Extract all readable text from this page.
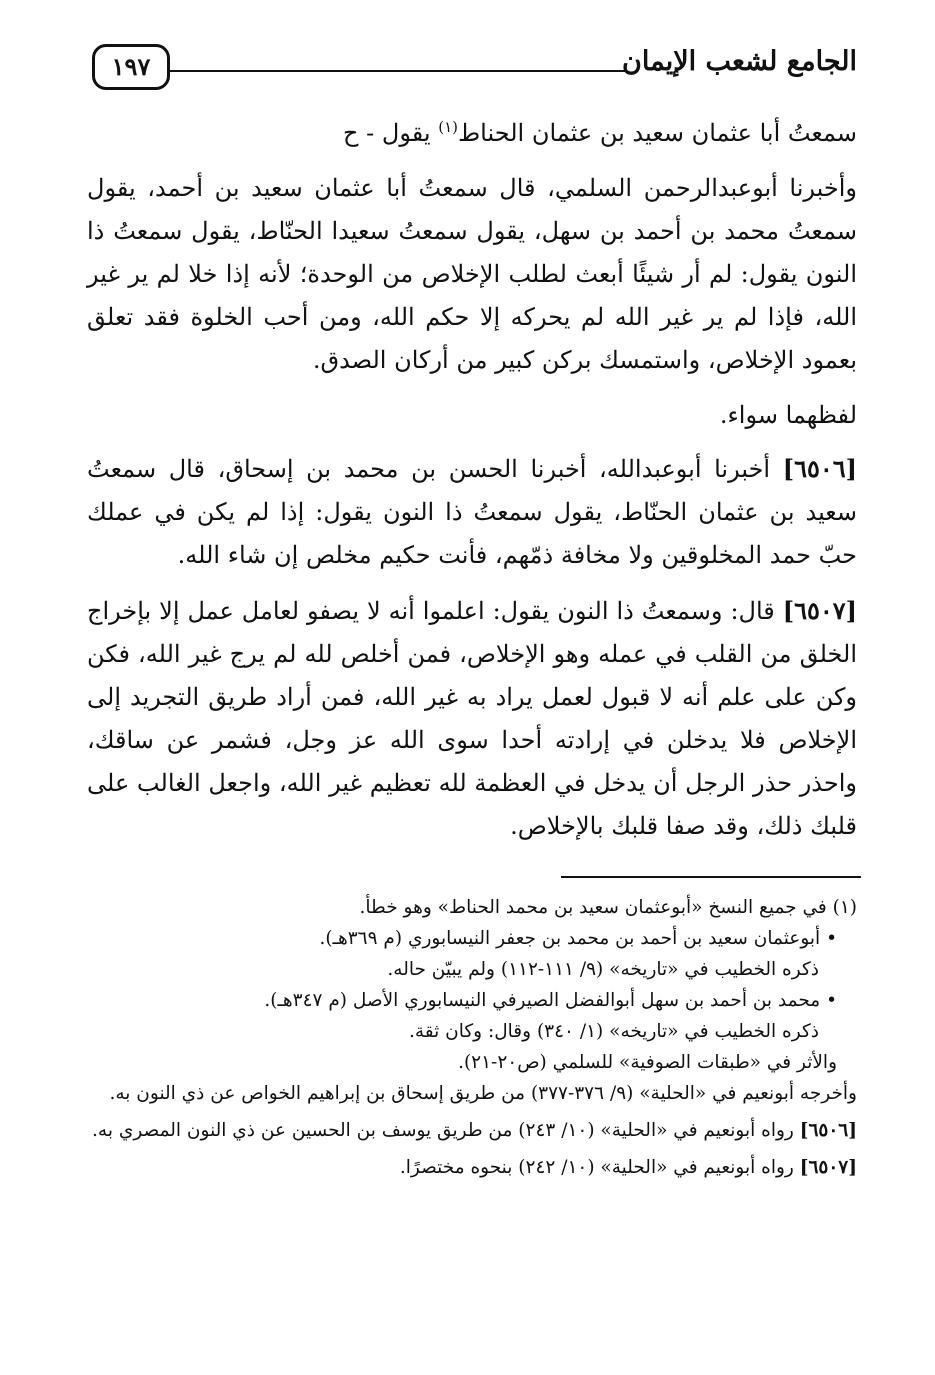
الجامع لشعب الإيمان
١٩٧

سمعتُ أبا عثمان سعيد بن عثمان الحناط$^{(١)}$ يقول - ح

وأخبرنا أبوعبدالرحمن السلمي، قال سمعتُ أبا عثمان سعيد بن أحمد، يقول سمعتُ محمد بن أحمد بن سهل، يقول سمعتُ سعيدا الحنّاط، يقول سمعتُ ذا النون يقول: لم أر شيئًا أبعث لطلب الإخلاص من الوحدة؛ لأنه إذا خلا لم ير غير الله، فإذا لم ير غير الله لم يحركه إلا حكم الله، ومن أحب الخلوة فقد تعلق بعمود الإخلاص، واستمسك بركن كبير من أركان الصدق.

لفظهما سواء.

[٦٥٠٦] أخبرنا أبوعبدالله، أخبرنا الحسن بن محمد بن إسحاق، قال سمعتُ سعيد بن عثمان الحنّاط، يقول سمعتُ ذا النون يقول: إذا لم يكن في عملك حبّ حمد المخلوقين ولا مخافة ذمّهم، فأنت حكيم مخلص إن شاء الله.

[٦٥٠٧] قال: وسمعتُ ذا النون يقول: اعلموا أنه لا يصفو لعامل عمل إلا بإخراج الخلق من القلب في عمله وهو الإخلاص، فمن أخلص لله لم يرج غير الله، فكن وكن على علم أنه لا قبول لعمل يراد به غير الله، فمن أراد طريق التجريد إلى الإخلاص فلا يدخلن في إرادته أحدا سوى الله عز وجل، فشمر عن ساقك، واحذر حذر الرجل أن يدخل في العظمة لله تعظيم غير الله، واجعل الغالب على قلبك ذلك، وقد صفا قلبك بالإخلاص.

(١) في جميع النسخ «أبوعثمان سعيد بن محمد الحناط» وهو خطأ.

• أبوعثمان سعيد بن أحمد بن محمد بن جعفر النيسابوري (م ٣٦٩هـ).

ذكره الخطيب في «تاريخه» (٩/ ١١١-١١٢) ولم يبيّن حاله.

• محمد بن أحمد بن سهل أبوالفضل الصيرفي النيسابوري الأصل (م ٣٤٧هـ).

ذكره الخطيب في «تاريخه» (١/ ٣٤٠) وقال: وكان ثقة.

والأثر في «طبقات الصوفية» للسلمي (ص٢٠-٢١).

وأخرجه أبونعيم في «الحلية» (٩/ ٣٧٦-٣٧٧) من طريق إسحاق بن إبراهيم الخواص عن ذي النون به.

[٦٥٠٦] رواه أبونعيم في «الحلية» (١٠/ ٢٤٣) من طريق يوسف بن الحسين عن ذي النون المصري به.

[٦٥٠٧] رواه أبونعيم في «الحلية» (١٠/ ٢٤٢) بنحوه مختصرًا.
